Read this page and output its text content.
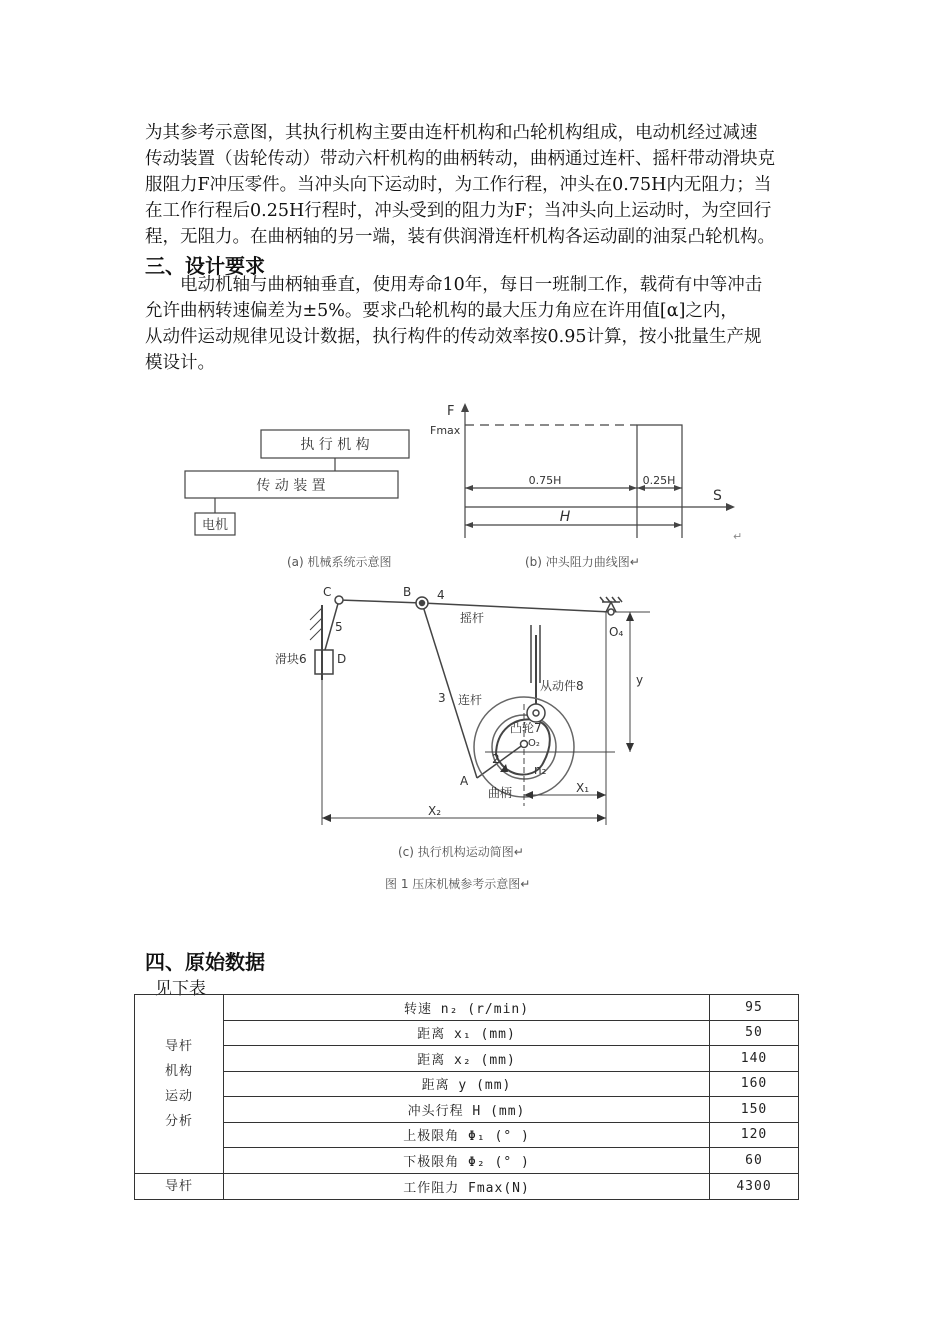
为其参考示意图，其执行机构主要由连杆机构和凸轮机构组成，电动机经过减速
传动装置（齿轮传动）带动六杆机构的曲柄转动，曲柄通过连杆、摇杆带动滑块克
服阻力F冲压零件。当冲头向下运动时，为工作行程，冲头在0.75H内无阻力；当
在工作行程后0.25H行程时，冲头受到的阻力为F；当冲头向上运动时，为空回行
程，无阻力。在曲柄轴的另一端，装有供润滑连杆机构各运动副的油泵凸轮机构。
三、设计要求
电动机轴与曲柄轴垂直，使用寿命10年，每日一班制工作，载荷有中等冲击
允许曲柄转速偏差为±5%。要求凸轮机构的最大压力角应在许用值[α]之内，
从动件运动规律见设计数据，执行构件的传动效率按0.95计算，按小批量生产规
模设计。
执 行 机 构
传 动 装 置
电机
(a) 机械系统示意图
F
Fmax
0.75H	0.25H
S
H
↵
(b) 冲头阻力曲线图↵
C	B 4
5
滑块6	D
摇杆
O₄
3 连杆
从动件8
凸轮7
O₂
n₂
2
A
曲柄
y
X₁
X₂
(c) 执行机构运动简图↵
图 1 压床机械参考示意图↵
四、原始数据
见下表
导杆
机构
运动
分析	转速 n₂ (r/min)	95
	距离 x₁ (mm)	50
	距离 x₂ (mm)	140
	距离 y (mm)	160
	冲头行程 H (mm)	150
	上极限角 Φ₁ (° )	120
	下极限角 Φ₂ (° )	60
导杆	工作阻力 Fmax(N)	4300
